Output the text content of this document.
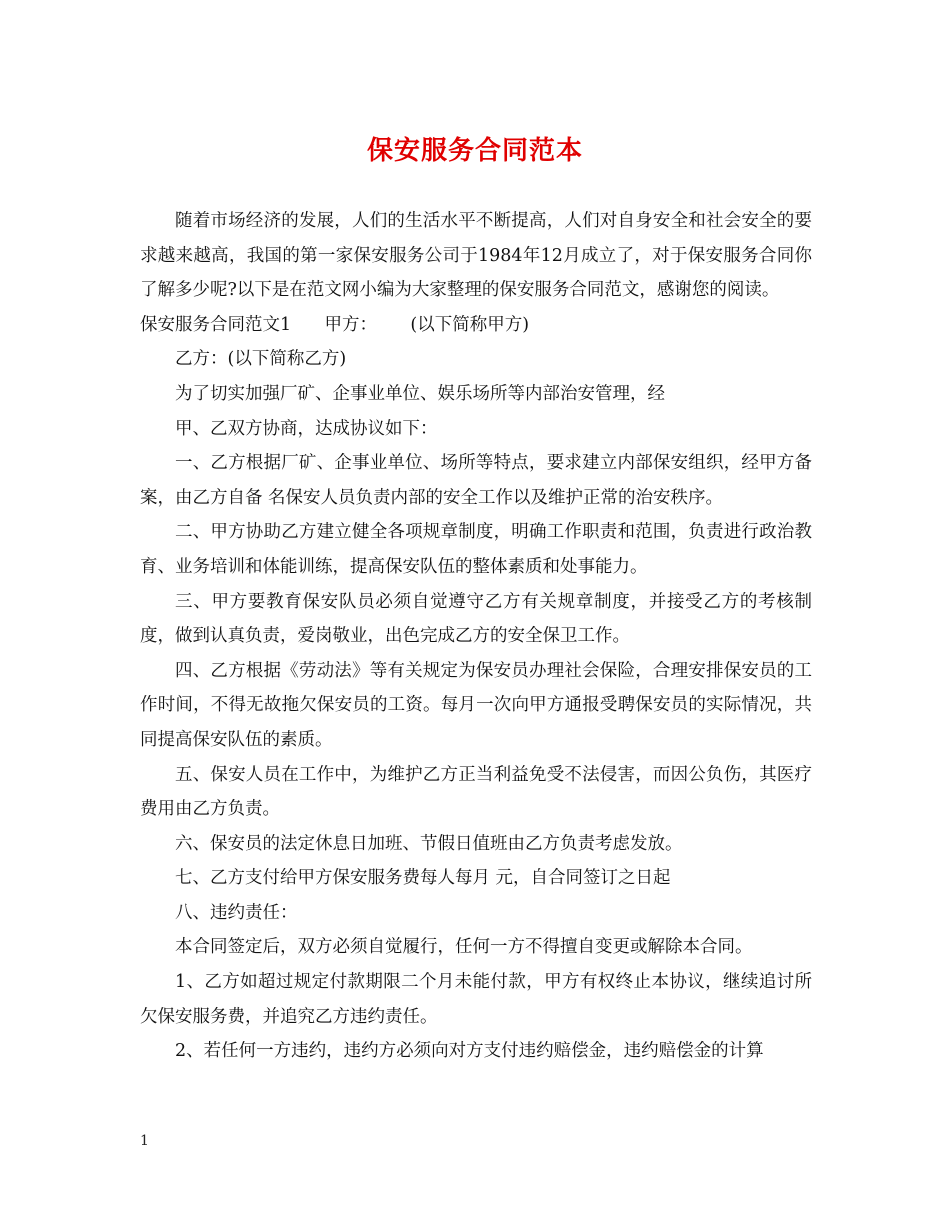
保安服务合同范本

随着市场经济的发展，人们的生活水平不断提高，人们对自身安全和社会安全的要求越来越高，我国的第一家保安服务公司于1984年12月成立了，对于保安服务合同你了解多少呢?以下是在范文网小编为大家整理的保安服务合同范文，感谢您的阅读。

保安服务合同范文1 甲方： (以下简称甲方)

乙方：(以下简称乙方)

为了切实加强厂矿、企事业单位、娱乐场所等内部治安管理，经

甲、乙双方协商，达成协议如下：

一、乙方根据厂矿、企事业单位、场所等特点，要求建立内部保安组织，经甲方备案，由乙方自备 名保安人员负责内部的安全工作以及维护正常的治安秩序。

二、甲方协助乙方建立健全各项规章制度，明确工作职责和范围，负责进行政治教育、业务培训和体能训练，提高保安队伍的整体素质和处事能力。

三、甲方要教育保安队员必须自觉遵守乙方有关规章制度，并接受乙方的考核制度，做到认真负责，爱岗敬业，出色完成乙方的安全保卫工作。

四、乙方根据《劳动法》等有关规定为保安员办理社会保险，合理安排保安员的工作时间，不得无故拖欠保安员的工资。每月一次向甲方通报受聘保安员的实际情况，共同提高保安队伍的素质。

五、保安人员在工作中，为维护乙方正当利益免受不法侵害，而因公负伤，其医疗费用由乙方负责。

六、保安员的法定休息日加班、节假日值班由乙方负责考虑发放。

七、乙方支付给甲方保安服务费每人每月 元，自合同签订之日起

八、违约责任：

本合同签定后，双方必须自觉履行，任何一方不得擅自变更或解除本合同。

1、乙方如超过规定付款期限二个月未能付款，甲方有权终止本协议，继续追讨所欠保安服务费，并追究乙方违约责任。

2、若任何一方违约，违约方必须向对方支付违约赔偿金，违约赔偿金的计算

1
